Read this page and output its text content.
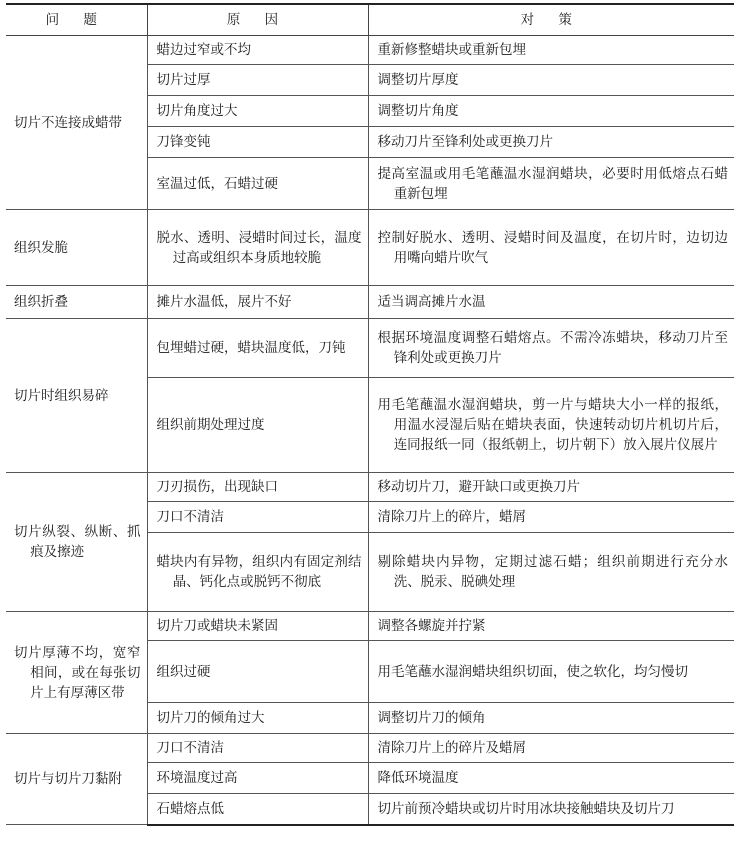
问 题	原 因	对 策

切片不连接成蜡带	蜡边过窄或不均	重新修整蜡块或重新包埋

	切片过厚	调整切片厚度

	切片角度过大	调整切片角度

	刀锋变钝	移动刀片至锋利处或更换刀片

	室温过低，石蜡过硬	提高室温或用毛笔蘸温水湿润蜡块，必要时用低熔点石蜡重新包埋

组织发脆	脱水、透明、浸蜡时间过长，温度过高或组织本身质地较脆	控制好脱水、透明、浸蜡时间及温度，在切片时，边切边用嘴向蜡片吹气

组织折叠	摊片水温低，展片不好	适当调高摊片水温

切片时组织易碎	包埋蜡过硬，蜡块温度低，刀钝	根据环境温度调整石蜡熔点。不需冷冻蜡块，移动刀片至锋利处或更换刀片

	组织前期处理过度	用毛笔蘸温水湿润蜡块，剪一片与蜡块大小一样的报纸，用温水浸湿后贴在蜡块表面，快速转动切片机切片后，连同报纸一同（报纸朝上，切片朝下）放入展片仪展片

切片纵裂、纵断、抓痕及擦迹	刀刃损伤，出现缺口	移动切片刀，避开缺口或更换刀片

	刀口不清洁	清除刀片上的碎片，蜡屑

	蜡块内有异物，组织内有固定剂结晶、钙化点或脱钙不彻底	剔除蜡块内异物，定期过滤石蜡；组织前期进行充分水洗、脱汞、脱碘处理

切片厚薄不均，宽窄相间，或在每张切片上有厚薄区带	切片刀或蜡块未紧固	调整各螺旋并拧紧

	组织过硬	用毛笔蘸水湿润蜡块组织切面，使之软化，均匀慢切

	切片刀的倾角过大	调整切片刀的倾角

切片与切片刀黏附	刀口不清洁	清除刀片上的碎片及蜡屑

	环境温度过高	降低环境温度

	石蜡熔点低	切片前预冷蜡块或切片时用冰块接触蜡块及切片刀
